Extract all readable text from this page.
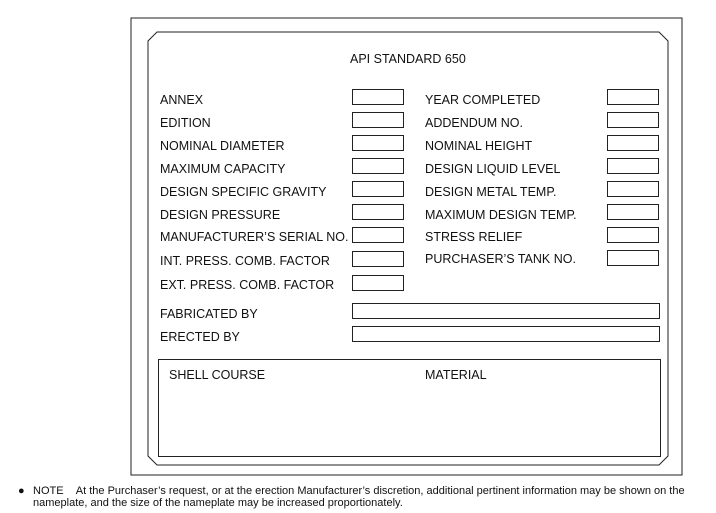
API STANDARD 650
ANNEX
EDITION
NOMINAL DIAMETER
MAXIMUM CAPACITY
DESIGN SPECIFIC GRAVITY
DESIGN PRESSURE
MANUFACTURER’S SERIAL NO.
INT. PRESS. COMB. FACTOR
EXT. PRESS. COMB. FACTOR
YEAR COMPLETED
ADDENDUM NO.
NOMINAL HEIGHT
DESIGN LIQUID LEVEL
DESIGN METAL TEMP.
MAXIMUM DESIGN TEMP.
STRESS RELIEF
PURCHASER’S TANK NO.
FABRICATED BY
ERECTED BY
SHELL COURSE	MATERIAL
● NOTE    At the Purchaser’s request, or at the erection Manufacturer’s discretion, additional pertinent information may be shown on the nameplate, and the size of the nameplate may be increased proportionately.
